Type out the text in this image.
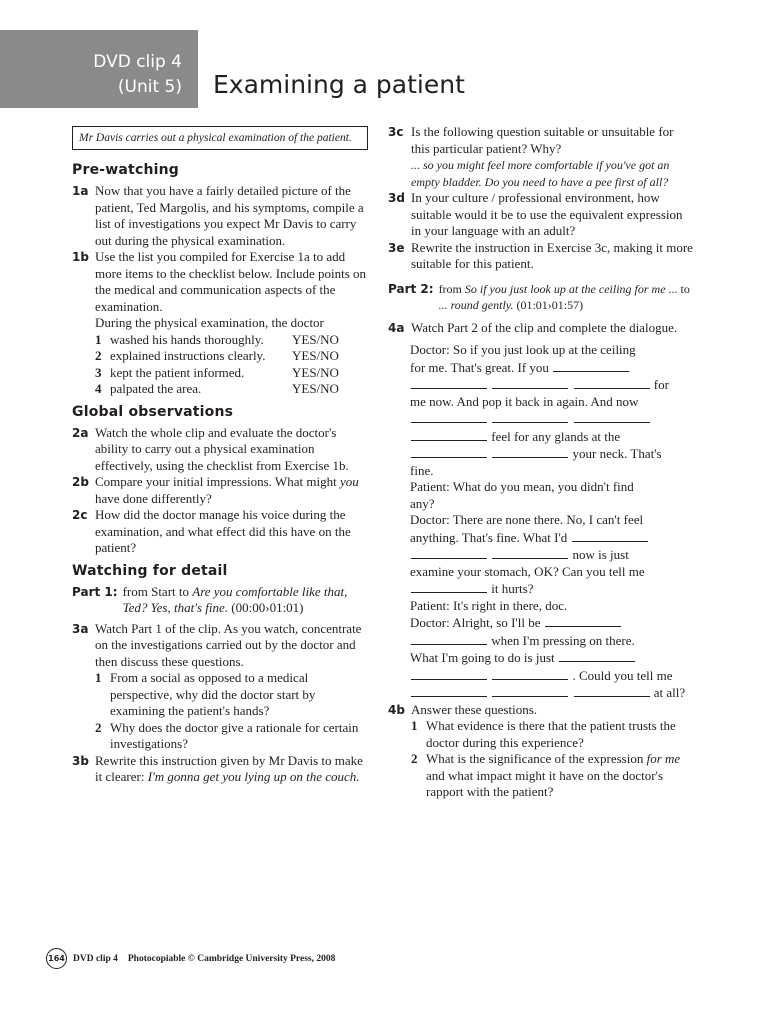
DVD clip 4
(Unit 5) Examining a patient
Mr Davis carries out a physical examination of the patient.
Pre-watching
1a Now that you have a fairly detailed picture of the patient, Ted Margolis, and his symptoms, compile a list of investigations you expect Mr Davis to carry out during the physical examination.
1b Use the list you compiled for Exercise 1a to add more items to the checklist below. Include points on the medical and communication aspects of the examination.
During the physical examination, the doctor
1 washed his hands thoroughly.	YES/NO
2 explained instructions clearly.	YES/NO
3 kept the patient informed.	YES/NO
4 palpated the area.	YES/NO
Global observations
2a Watch the whole clip and evaluate the doctor's ability to carry out a physical examination effectively, using the checklist from Exercise 1b.
2b Compare your initial impressions. What might you have done differently?
2c How did the doctor manage his voice during the examination, and what effect did this have on the patient?
Watching for detail
Part 1: from Start to Are you comfortable like that, Ted? Yes, that's fine. (00:00›01:01)
3a Watch Part 1 of the clip. As you watch, concentrate on the investigations carried out by the doctor and then discuss these questions.
1 From a social as opposed to a medical perspective, why did the doctor start by examining the patient's hands?
2 Why does the doctor give a rationale for certain investigations?
3b Rewrite this instruction given by Mr Davis to make it clearer: I'm gonna get you lying up on the couch.
3c Is the following question suitable or unsuitable for this particular patient? Why?
... so you might feel more comfortable if you've got an empty bladder. Do you need to have a pee first of all?
3d In your culture / professional environment, how suitable would it be to use the equivalent expression in your language with an adult?
3e Rewrite the instruction in Exercise 3c, making it more suitable for this patient.
Part 2: from So if you just look up at the ceiling for me ... to ... round gently. (01:01›01:57)
4a Watch Part 2 of the clip and complete the dialogue.
Doctor: So if you just look up at the ceiling
for me. That's great. If you
for
me now. And pop it back in again. And now

feel for any glands at the
your neck. That's
fine.
Patient: What do you mean, you didn't find
any?
Doctor: There are none there. No, I can't feel
anything. That's fine. What I'd
now is just
examine your stomach, OK? Can you tell me
it hurts?
Patient: It's right in there, doc.
Doctor: Alright, so I'll be
when I'm pressing on there.
What I'm going to do is just
. Could you tell me
at all?
4b Answer these questions.
1 What evidence is there that the patient trusts the doctor during this experience?
2 What is the significance of the expression for me and what impact might it have on the doctor's rapport with the patient?
164 DVD clip 4 Photocopiable © Cambridge University Press, 2008
